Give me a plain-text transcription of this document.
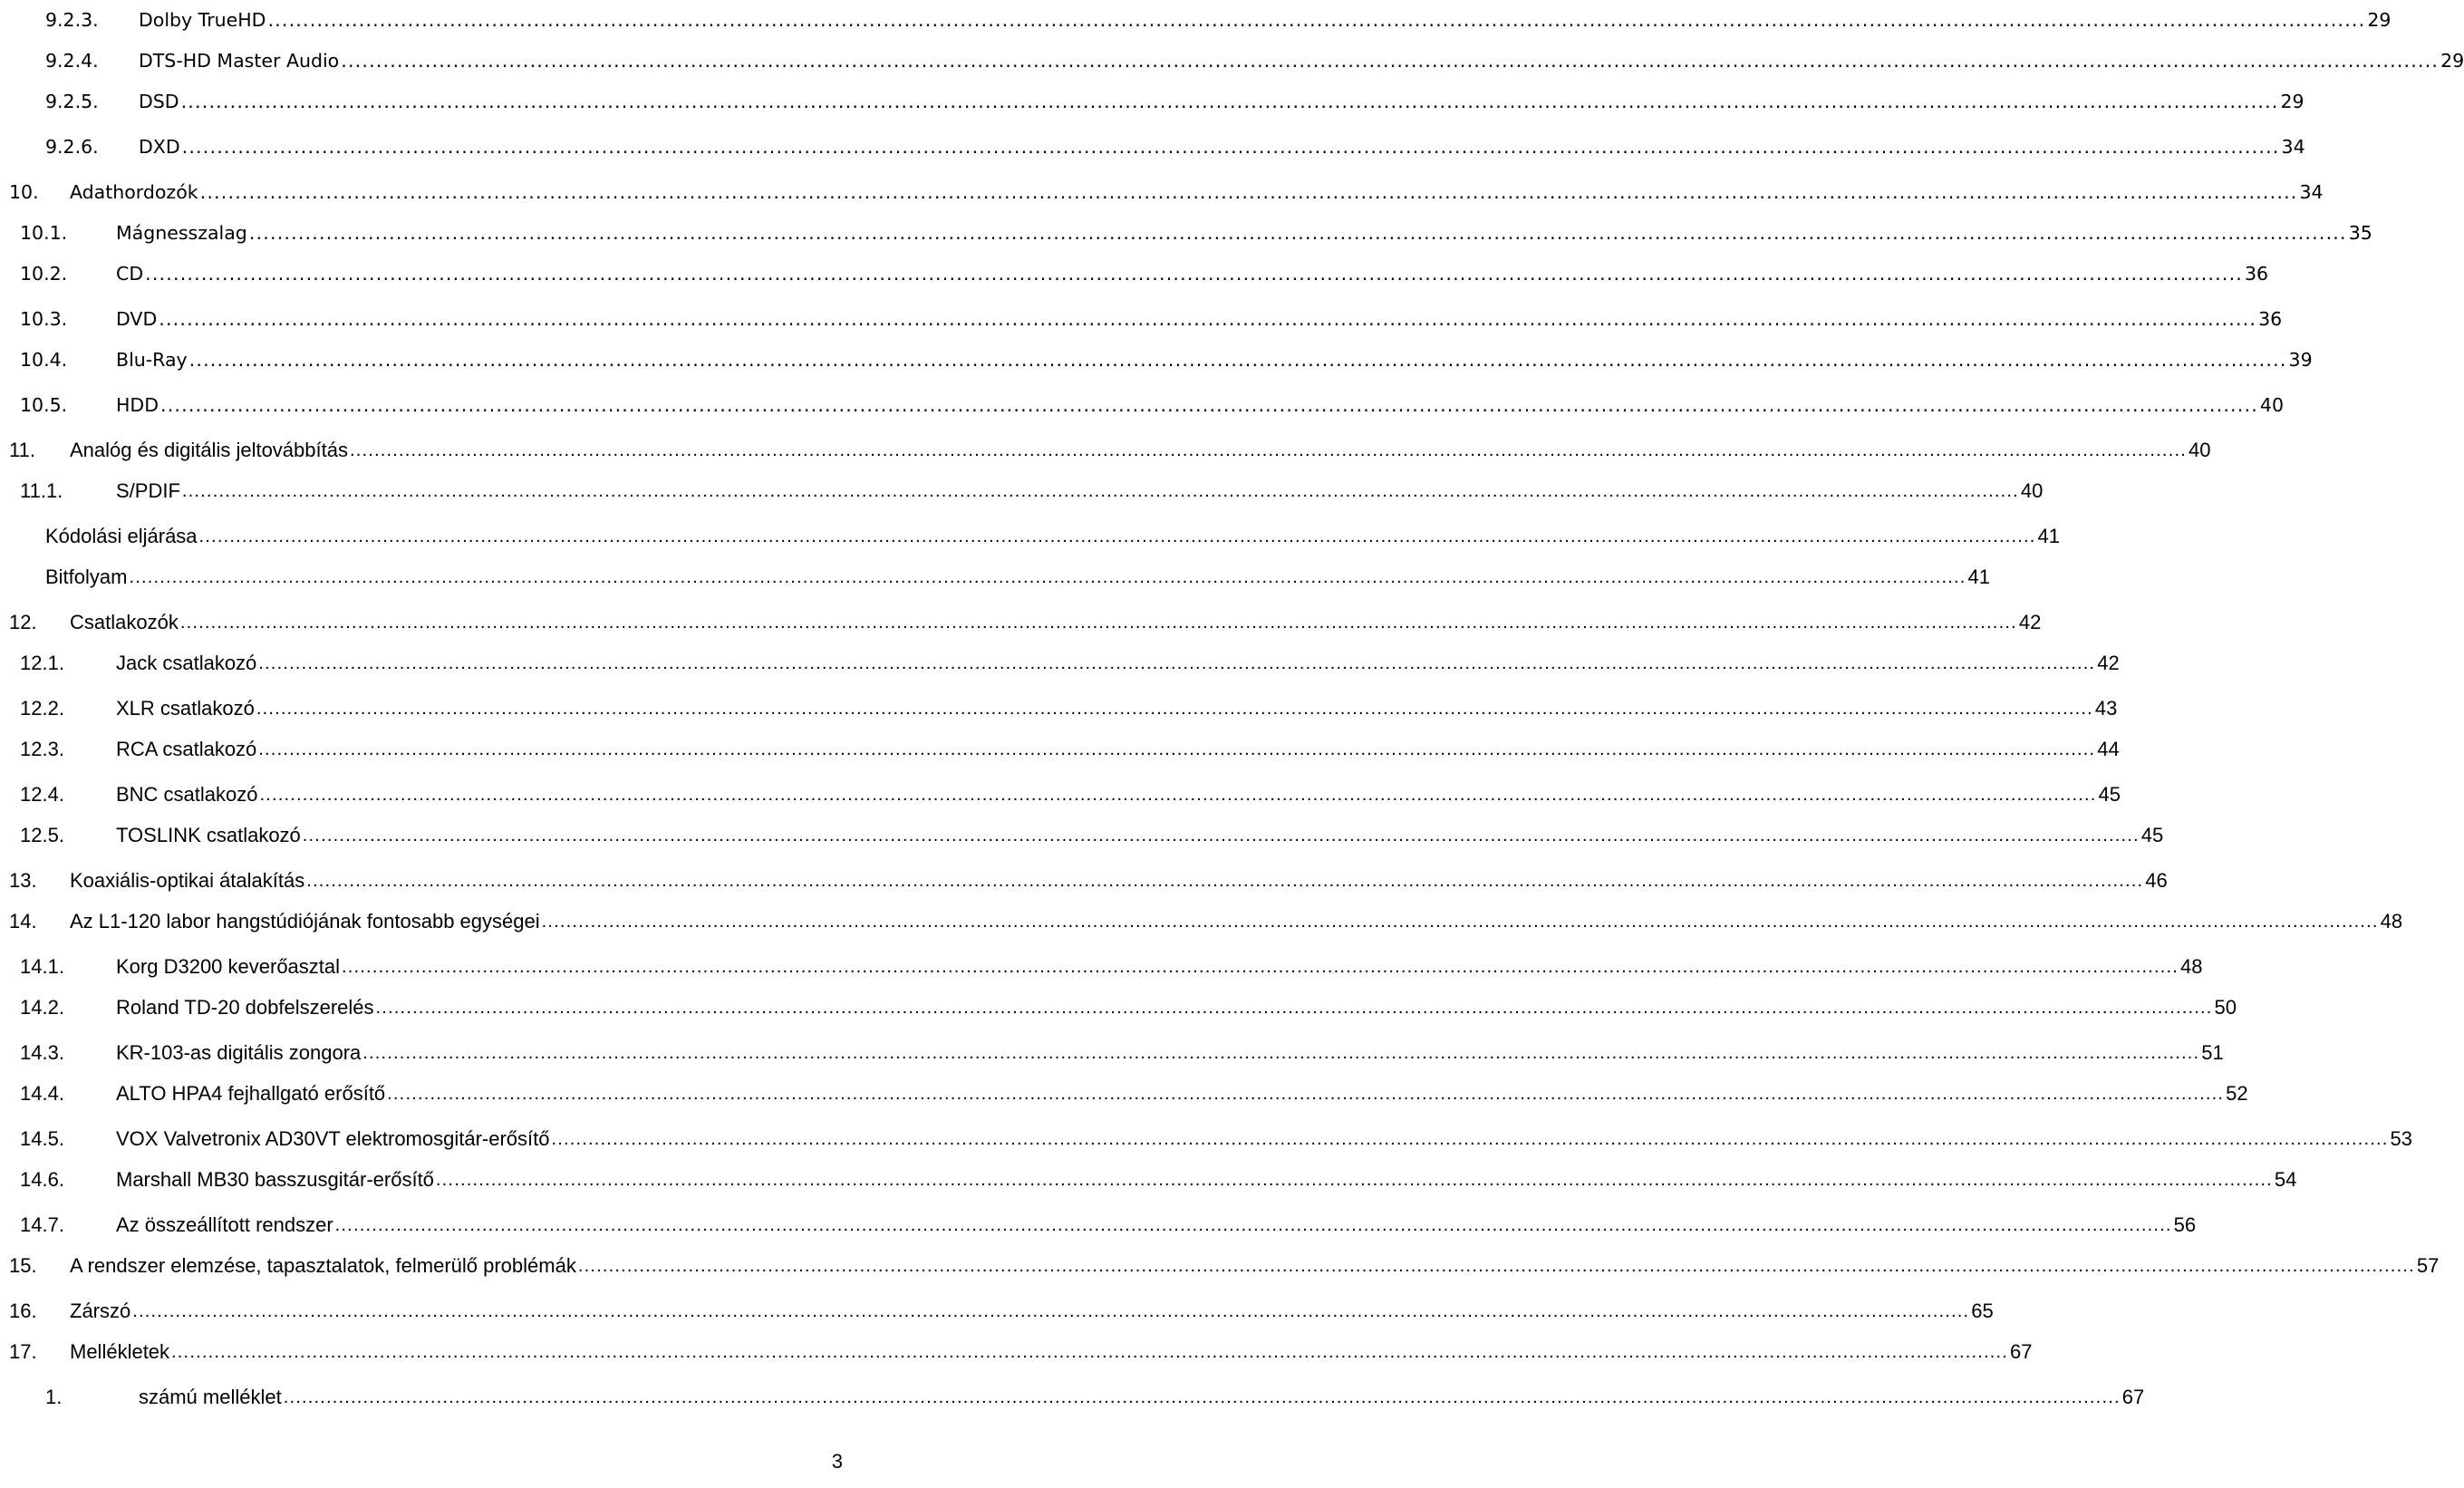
9.2.3. Dolby TrueHD ............................................................................................................................................................................................................................................................................................................ 29
9.2.4. DTS-HD Master Audio ............................................................................................................................................................................................................................................................................................................ 29
9.2.5. DSD ............................................................................................................................................................................................................................................................................................................ 29
9.2.6. DXD ............................................................................................................................................................................................................................................................................................................ 34
10. Adathordozók ............................................................................................................................................................................................................................................................................................................ 34
10.1.	Mágnesszalag ............................................................................................................................................................................................................................................................................................................ 35
10.2.	CD ............................................................................................................................................................................................................................................................................................................ 36
10.3.	DVD ............................................................................................................................................................................................................................................................................................................ 36
10.4.	Blu-Ray ............................................................................................................................................................................................................................................................................................................ 39
10.5.	HDD ............................................................................................................................................................................................................................................................................................................ 40
11. Analóg és digitális jeltovábbítás ............................................................................................................................................................................................................................................................................................................ 40
11.1.	S/PDIF ............................................................................................................................................................................................................................................................................................................ 40
Kódolási eljárása ............................................................................................................................................................................................................................................................................................................ 41
Bitfolyam ............................................................................................................................................................................................................................................................................................................ 41
12. Csatlakozók ............................................................................................................................................................................................................................................................................................................ 42
12.1.	Jack csatlakozó ............................................................................................................................................................................................................................................................................................................ 42
12.2.	XLR csatlakozó ............................................................................................................................................................................................................................................................................................................ 43
12.3.	RCA csatlakozó ............................................................................................................................................................................................................................................................................................................ 44
12.4.	BNC csatlakozó ............................................................................................................................................................................................................................................................................................................ 45
12.5.	TOSLINK csatlakozó ............................................................................................................................................................................................................................................................................................................ 45
13. Koaxiális-optikai átalakítás ............................................................................................................................................................................................................................................................................................................ 46
14. Az L1-120 labor hangstúdiójának fontosabb egységei ............................................................................................................................................................................................................................................................................................................ 48
14.1.	Korg D3200 keverőasztal ............................................................................................................................................................................................................................................................................................................ 48
14.2.	Roland TD-20 dobfelszerelés ............................................................................................................................................................................................................................................................................................................ 50
14.3.	KR-103-as digitális zongora ............................................................................................................................................................................................................................................................................................................ 51
14.4.	ALTO HPA4 fejhallgató erősítő ............................................................................................................................................................................................................................................................................................................ 52
14.5.	VOX Valvetronix AD30VT elektromosgitár-erősítő ............................................................................................................................................................................................................................................................................................................ 53
14.6.	Marshall MB30 basszusgitár-erősítő ............................................................................................................................................................................................................................................................................................................ 54
14.7.	Az összeállított rendszer ............................................................................................................................................................................................................................................................................................................ 56
15. A rendszer elemzése, tapasztalatok, felmerülő problémák ............................................................................................................................................................................................................................................................................................................ 57
16. Zárszó ............................................................................................................................................................................................................................................................................................................ 65
17. Mellékletek ............................................................................................................................................................................................................................................................................................................ 67
1.	számú melléklet ............................................................................................................................................................................................................................................................................................................ 67
3
